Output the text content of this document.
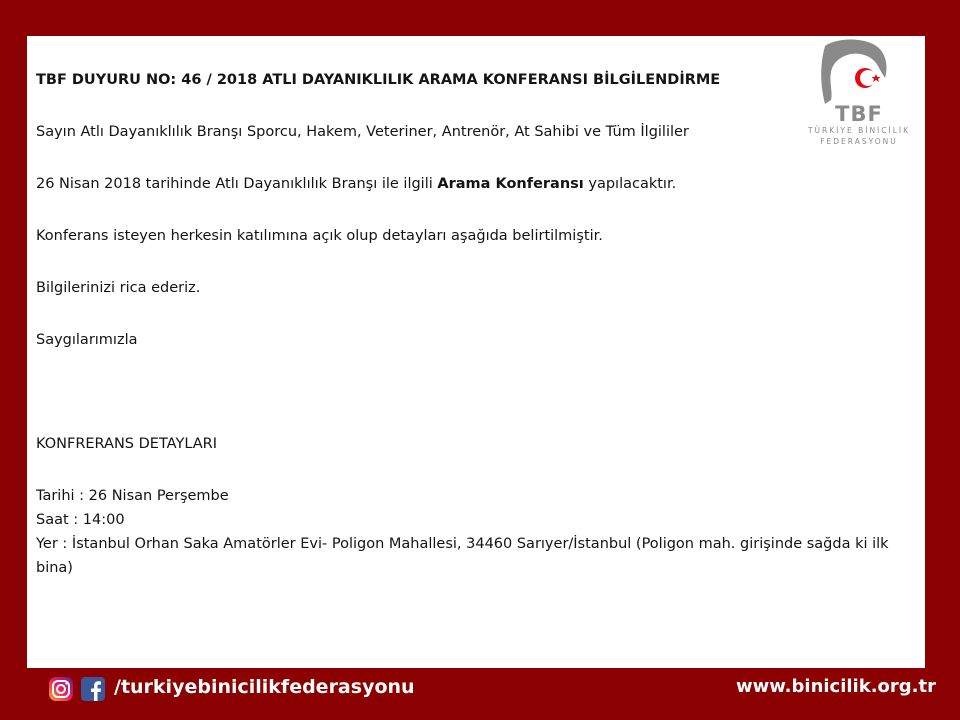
TBF
TÜRKİYE BİNİCİLİK
FEDERASYONU
TBF DUYURU NO: 46 / 2018 ATLI DAYANIKLILIK ARAMA KONFERANSI BİLGİLENDİRME
Sayın Atlı Dayanıklılık Branşı Sporcu, Hakem, Veteriner, Antrenör, At Sahibi ve Tüm İlgililer
26 Nisan 2018 tarihinde Atlı Dayanıklılık Branşı ile ilgili Arama Konferansı yapılacaktır.
Konferans isteyen herkesin katılımına açık olup detayları aşağıda belirtilmiştir.
Bilgilerinizi rica ederiz.
Saygılarımızla
KONFRERANS DETAYLARI
Tarihi : 26 Nisan Perşembe
Saat : 14:00
Yer : İstanbul Orhan Saka Amatörler Evi- Poligon Mahallesi, 34460 Sarıyer/İstanbul (Poligon mah. girişinde sağda ki ilk bina)
/turkiyebinicilikfederasyonu	www.binicilik.org.tr
